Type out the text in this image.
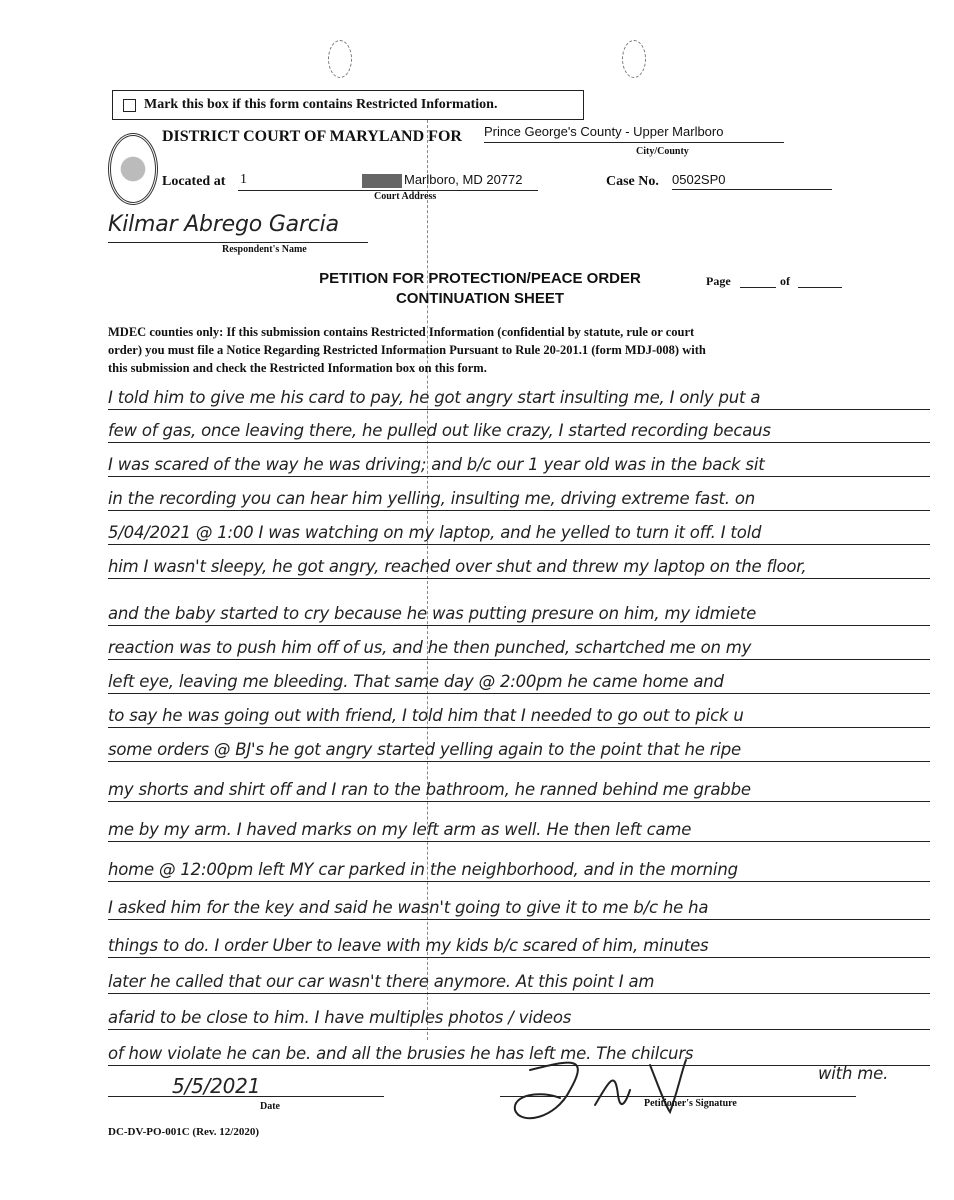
Mark this box if this form contains Restricted Information.
DISTRICT COURT OF MARYLAND FOR Prince George's County - Upper Marlboro
City/County
Located at 1	Marlboro, MD 20772
Court Address
Case No. 0502SP0
Kilmar Abrego Garcia
Respondent's Name
PETITION FOR PROTECTION/PEACE ORDER
CONTINUATION SHEET
Page	of
MDEC counties only: If this submission contains Restricted Information (confidential by statute, rule or court
order) you must file a Notice Regarding Restricted Information Pursuant to Rule 20-201.1 (form MDJ-008) with
this submission and check the Restricted Information box on this form.
I told him to give me his card to pay, he got angry start insulting me, I only put a
few of gas, once leaving there, he pulled out like crazy, I started recording becaus
I was scared of the way he was driving; and b/c our 1 year old was in the back sit
in the recording you can hear him yelling, insulting me, driving extreme fast. on
5/04/2021 @ 1:00 I was watching on my laptop, and he yelled to turn it off. I told
him I wasn't sleepy, he got angry, reached over shut and threw my laptop on the floor,
and the baby started to cry because he was putting presure on him, my idmiete
reaction was to push him off of us, and he then punched, schartched me on my
left eye, leaving me bleeding. That same day @ 2:00pm he came home and
to say he was going out with friend, I told him that I needed to go out to pick u
some orders @ BJ's he got angry started yelling again to the point that he ripe
my shorts and shirt off and I ran to the bathroom, he ranned behind me grabbe
me by my arm. I haved marks on my left arm as well. He then left came
home @ 12:00pm left MY car parked in the neighborhood, and in the morning
I asked him for the key and said he wasn't going to give it to me b/c he ha
things to do. I order Uber to leave with my kids b/c scared of him, minutes
later he called that our car wasn't there anymore. At this point I am
afarid to be close to him. I have multiples photos / videos
of how violate he can be. and all the brusies he has left me. The chilcurs
with me.
5/5/2021
Date	Petitioner's Signature
DC-DV-PO-001C (Rev. 12/2020)
